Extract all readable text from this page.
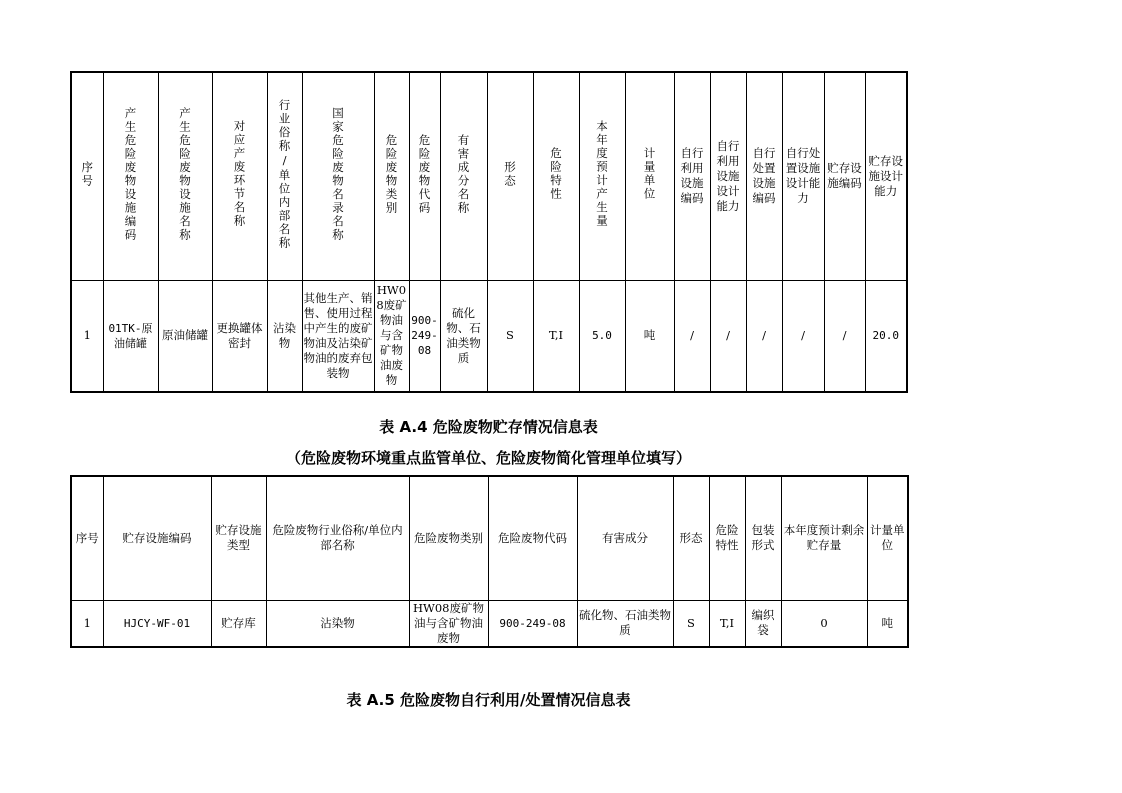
序号	产生危险废物设施编码	产生危险废物设施名称	对应产废环节名称	行业俗称/单位内部名称	国家危险废物名录名称	危险废物类别	危险废物代码	有害成分名称	形态	危险特性	本年度预计产生量	计量单位	自行利用设施编码	自行利用设施设计能力	自行处置设施编码	自行处置设施设计能力	贮存设施编码	贮存设施设计能力
1	01TK-原油储罐	原油储罐	更换罐体密封	沾染物	其他生产、销售、使用过程中产生的废矿物油及沾染矿物油的废弃包装物	HW08废矿物油与含矿物油废物	900-249-08	硫化物、石油类物质	S	T,I	5.0	吨	/	/	/	/	/	20.0
表 A.4 危险废物贮存情况信息表
（危险废物环境重点监管单位、危险废物简化管理单位填写）
序号	贮存设施编码	贮存设施类型	危险废物行业俗称/单位内部名称	危险废物类别	危险废物代码	有害成分	形态	危险特性	包装形式	本年度预计剩余贮存量	计量单位
1	HJCY-WF-01	贮存库	沾染物	HW08废矿物油与含矿物油废物	900-249-08	硫化物、石油类物质	S	T,I	编织袋	0	吨
表 A.5 危险废物自行利用/处置情况信息表
